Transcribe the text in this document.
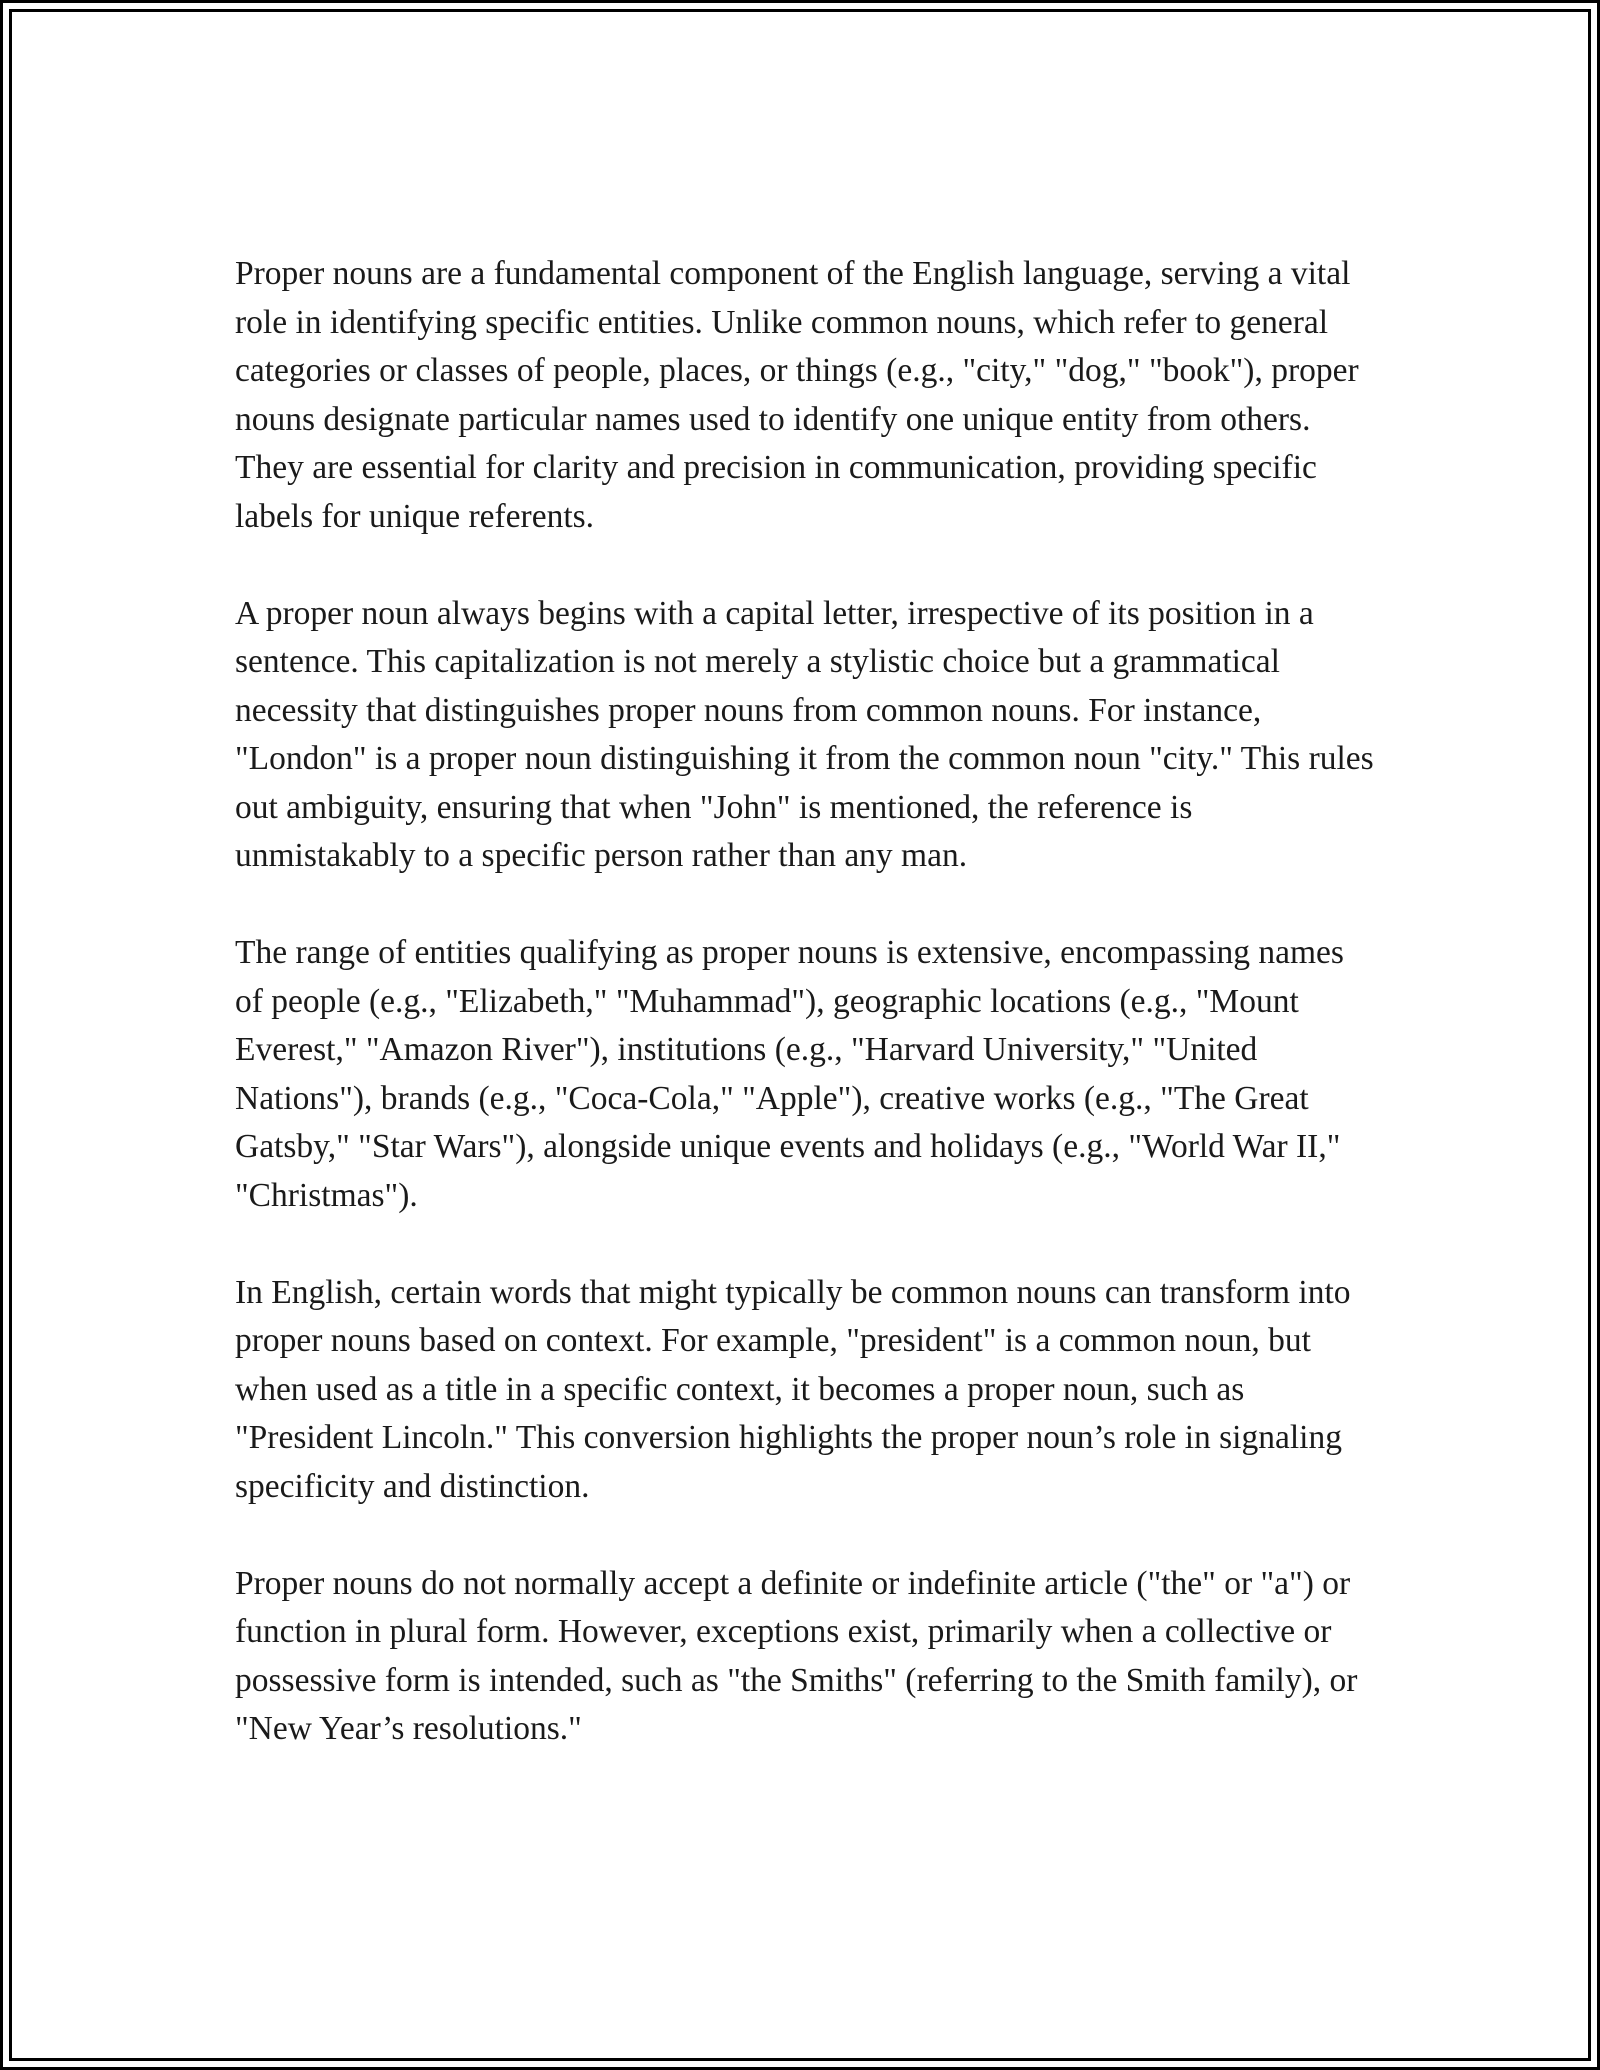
Proper nouns are a fundamental component of the English language, serving a vital role in identifying specific entities. Unlike common nouns, which refer to general categories or classes of people, places, or things (e.g., "city," "dog," "book"), proper nouns designate particular names used to identify one unique entity from others. They are essential for clarity and precision in communication, providing specific labels for unique referents.

A proper noun always begins with a capital letter, irrespective of its position in a sentence. This capitalization is not merely a stylistic choice but a grammatical necessity that distinguishes proper nouns from common nouns. For instance, "London" is a proper noun distinguishing it from the common noun "city." This rules out ambiguity, ensuring that when "John" is mentioned, the reference is unmistakably to a specific person rather than any man.

The range of entities qualifying as proper nouns is extensive, encompassing names of people (e.g., "Elizabeth," "Muhammad"), geographic locations (e.g., "Mount Everest," "Amazon River"), institutions (e.g., "Harvard University," "United Nations"), brands (e.g., "Coca-Cola," "Apple"), creative works (e.g., "The Great Gatsby," "Star Wars"), alongside unique events and holidays (e.g., "World War II," "Christmas").

In English, certain words that might typically be common nouns can transform into proper nouns based on context. For example, "president" is a common noun, but when used as a title in a specific context, it becomes a proper noun, such as "President Lincoln." This conversion highlights the proper noun’s role in signaling specificity and distinction.

Proper nouns do not normally accept a definite or indefinite article ("the" or "a") or function in plural form. However, exceptions exist, primarily when a collective or possessive form is intended, such as "the Smiths" (referring to the Smith family), or "New Year’s resolutions."
